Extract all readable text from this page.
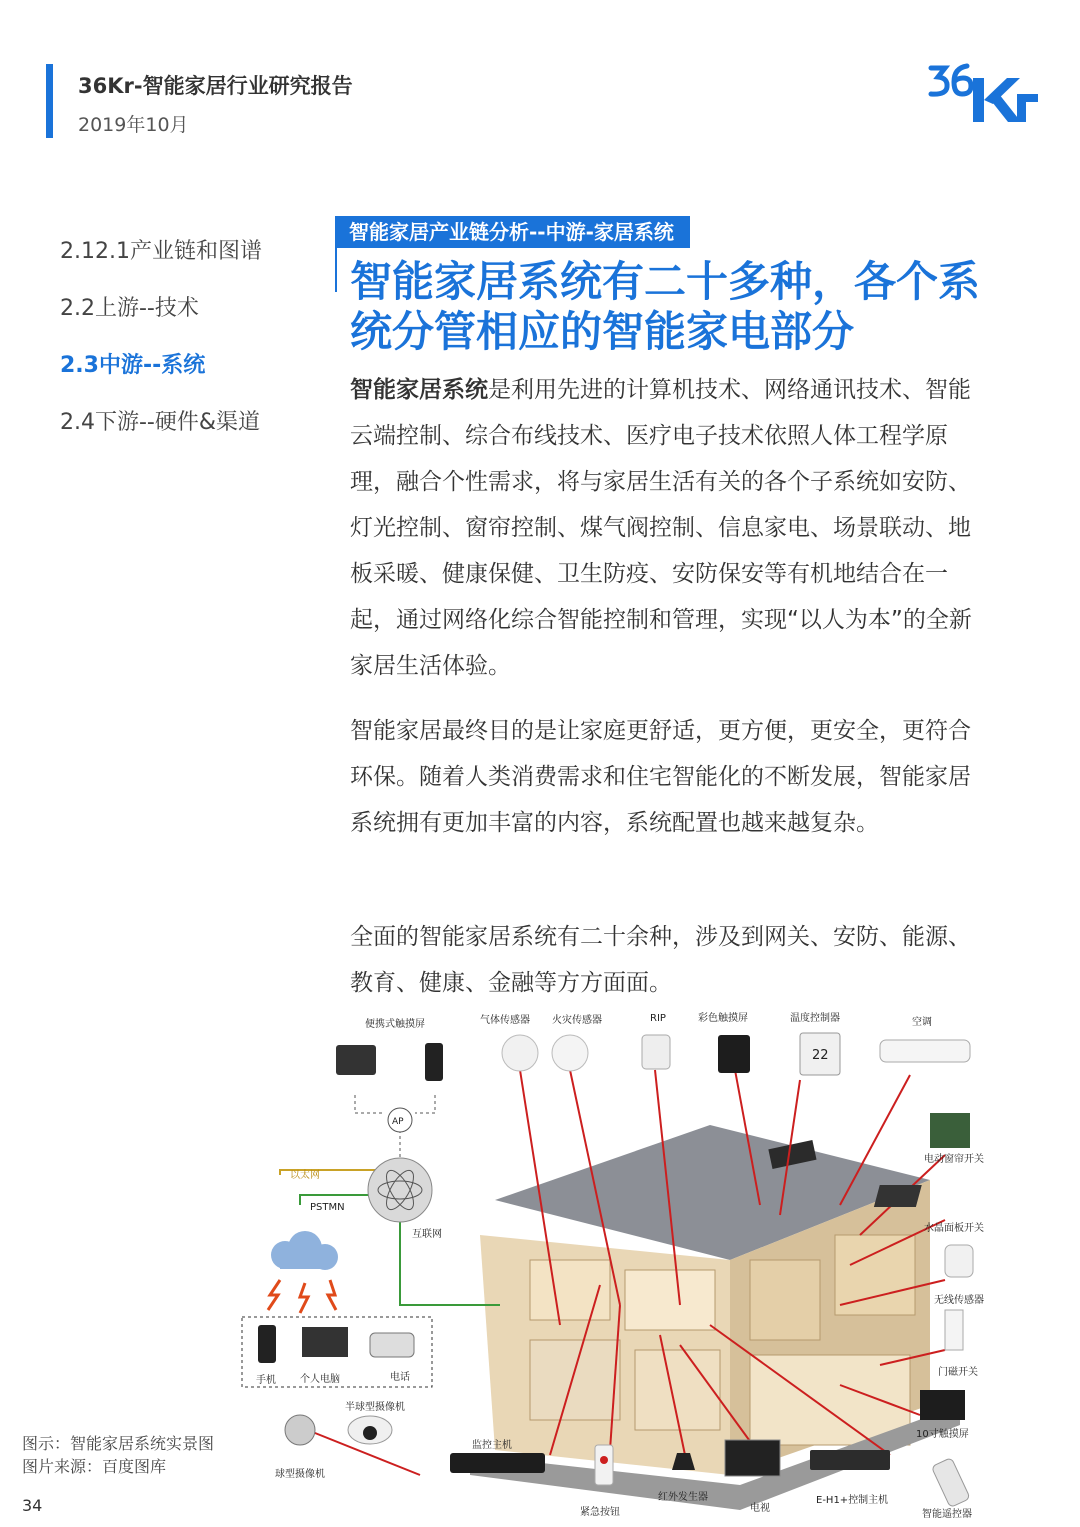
36Kr-智能家居行业研究报告
2019年10月
2.12.1产业链和图谱
2.2上游--技术
2.3中游--系统
2.4下游--硬件&渠道
智能家居产业链分析--中游-家居系统
智能家居系统有二十多种，各个系统分管相应的智能家电部分
智能家居系统是利用先进的计算机技术、网络通讯技术、智能云端控制、综合布线技术、医疗电子技术依照人体工程学原理，融合个性需求，将与家居生活有关的各个子系统如安防、灯光控制、窗帘控制、煤气阀控制、信息家电、场景联动、地板采暖、健康保健、卫生防疫、安防保安等有机地结合在一起，通过网络化综合智能控制和管理，实现“以人为本”的全新家居生活体验。
智能家居最终目的是让家庭更舒适，更方便，更安全，更符合环保。随着人类消费需求和住宅智能化的不断发展，智能家居系统拥有更加丰富的内容，系统配置也越来越复杂。
全面的智能家居系统有二十余种，涉及到网关、安防、能源、教育、健康、金融等方方面面。
22
AP
便携式触摸屏	气体传感器 火灾传感器	RIP	彩色触摸屏	温度控制器	空调
以太网
PSTMN
互联网
电动窗帘开关
水晶面板开关
无线传感器
门磁开关
10寸触摸屏
手机 个人电脑	电话
半球型摄像机
球型摄像机
监控主机
紧急按钮
红外发生器
电视
E-H1+控制主机
智能遥控器
图示：智能家居系统实景图
图片来源：百度图库
34
